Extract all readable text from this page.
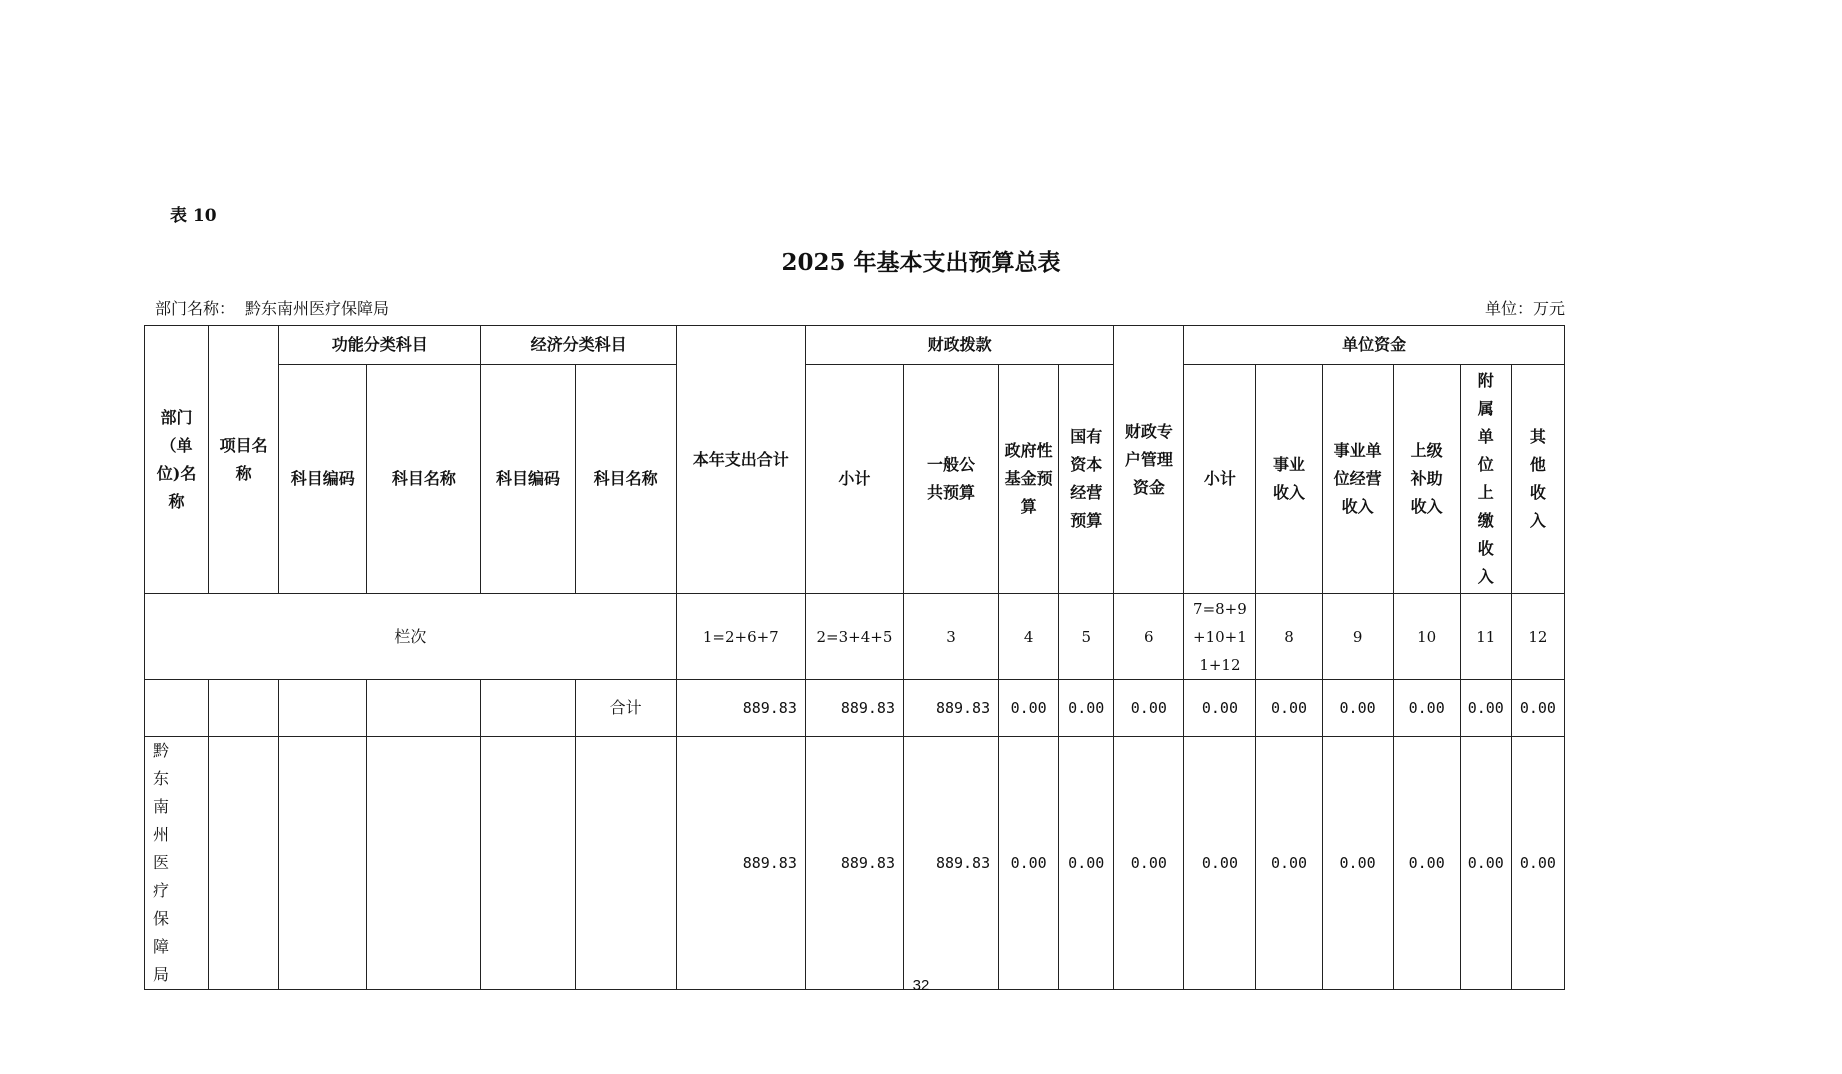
表 10
2025 年基本支出预算总表
部门名称： 黔东南州医疗保障局	单位：万元
部门（单位)名称	项目名称	功能分类科目		经济分类科目		本年支出合计	财政拨款				财政专户管理资金	单位资金					
		科目编码	科目名称	科目编码	科目名称		小计	一般公共预算	政府性基金预算	国有资本经营预算		小计	事业收入	事业单位经营收入	上级补助收入	附属单位上缴收入	其他收入
栏次						1=2+6+7	2=3+4+5	3	4	5	6	7=8+9+10+11+12	8	9	10	11	12
					合计	889.83	889.83	889.83	0.00	0.00	0.00	0.00	0.00	0.00	0.00	0.00	0.00
黔东南州医疗保障局						889.83	889.83	889.83	0.00	0.00	0.00	0.00	0.00	0.00	0.00	0.00	0.00
32
